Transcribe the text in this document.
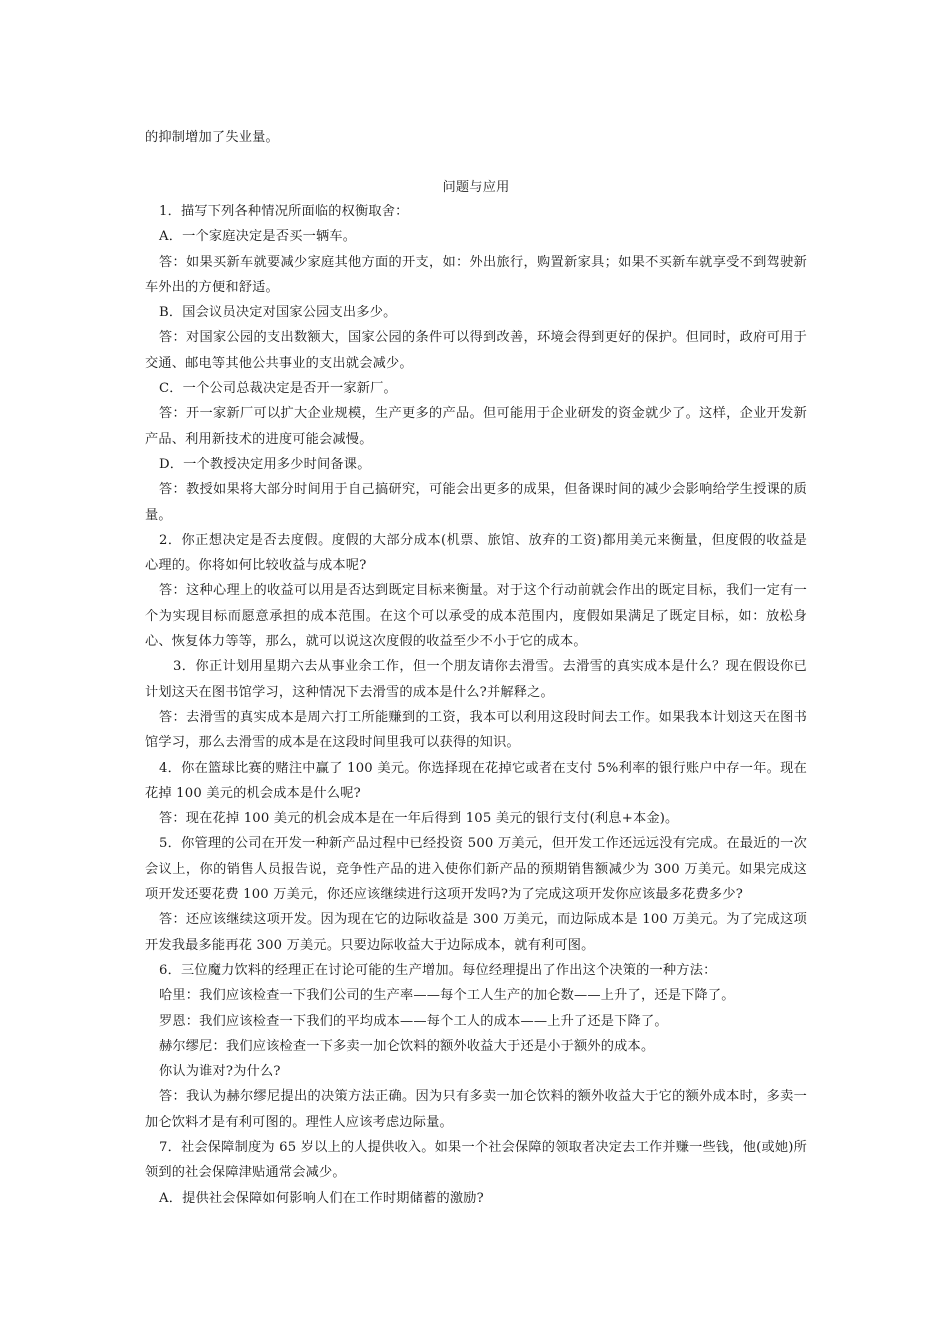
的抑制增加了失业量。

问题与应用

1．描写下列各种情况所面临的权衡取舍：

A．一个家庭决定是否买一辆车。

答：如果买新车就要减少家庭其他方面的开支，如：外出旅行，购置新家具；如果不买新车就享受不到驾驶新车外出的方便和舒适。

B．国会议员决定对国家公园支出多少。

答：对国家公园的支出数额大，国家公园的条件可以得到改善，环境会得到更好的保护。但同时，政府可用于交通、邮电等其他公共事业的支出就会减少。

C．一个公司总裁决定是否开一家新厂。

答：开一家新厂可以扩大企业规模，生产更多的产品。但可能用于企业研发的资金就少了。这样，企业开发新产品、利用新技术的进度可能会减慢。

D．一个教授决定用多少时间备课。

答：教授如果将大部分时间用于自己搞研究，可能会出更多的成果，但备课时间的减少会影响给学生授课的质量。

2．你正想决定是否去度假。度假的大部分成本(机票、旅馆、放弃的工资)都用美元来衡量，但度假的收益是心理的。你将如何比较收益与成本呢?

答：这种心理上的收益可以用是否达到既定目标来衡量。对于这个行动前就会作出的既定目标，我们一定有一个为实现目标而愿意承担的成本范围。在这个可以承受的成本范围内，度假如果满足了既定目标，如：放松身心、恢复体力等等，那么，就可以说这次度假的收益至少不小于它的成本。

3．你正计划用星期六去从事业余工作，但一个朋友请你去滑雪。去滑雪的真实成本是什么？现在假设你已计划这天在图书馆学习，这种情况下去滑雪的成本是什么?并解释之。

答：去滑雪的真实成本是周六打工所能赚到的工资，我本可以利用这段时间去工作。如果我本计划这天在图书馆学习，那么去滑雪的成本是在这段时间里我可以获得的知识。

4．你在篮球比赛的赌注中赢了 100 美元。你选择现在花掉它或者在支付 5%利率的银行账户中存一年。现在花掉 100 美元的机会成本是什么呢?

答：现在花掉 100 美元的机会成本是在一年后得到 105 美元的银行支付(利息+本金)。

5．你管理的公司在开发一种新产品过程中已经投资 500 万美元，但开发工作还远远没有完成。在最近的一次会议上，你的销售人员报告说，竞争性产品的进入使你们新产品的预期销售额减少为 300 万美元。如果完成这项开发还要花费 100 万美元，你还应该继续进行这项开发吗?为了完成这项开发你应该最多花费多少?

答：还应该继续这项开发。因为现在它的边际收益是 300 万美元，而边际成本是 100 万美元。为了完成这项开发我最多能再花 300 万美元。只要边际收益大于边际成本，就有利可图。

6．三位魔力饮料的经理正在讨论可能的生产增加。每位经理提出了作出这个决策的一种方法：

哈里：我们应该检查一下我们公司的生产率——每个工人生产的加仑数——上升了，还是下降了。

罗恩：我们应该检查一下我们的平均成本——每个工人的成本——上升了还是下降了。

赫尔缪尼：我们应该检查一下多卖一加仑饮料的额外收益大于还是小于额外的成本。

你认为谁对?为什么?

答：我认为赫尔缪尼提出的决策方法正确。因为只有多卖一加仑饮料的额外收益大于它的额外成本时，多卖一加仑饮料才是有利可图的。理性人应该考虑边际量。

7．社会保障制度为 65 岁以上的人提供收入。如果一个社会保障的领取者决定去工作并赚一些钱，他(或她)所领到的社会保障津贴通常会减少。

A．提供社会保障如何影响人们在工作时期储蓄的激励?
